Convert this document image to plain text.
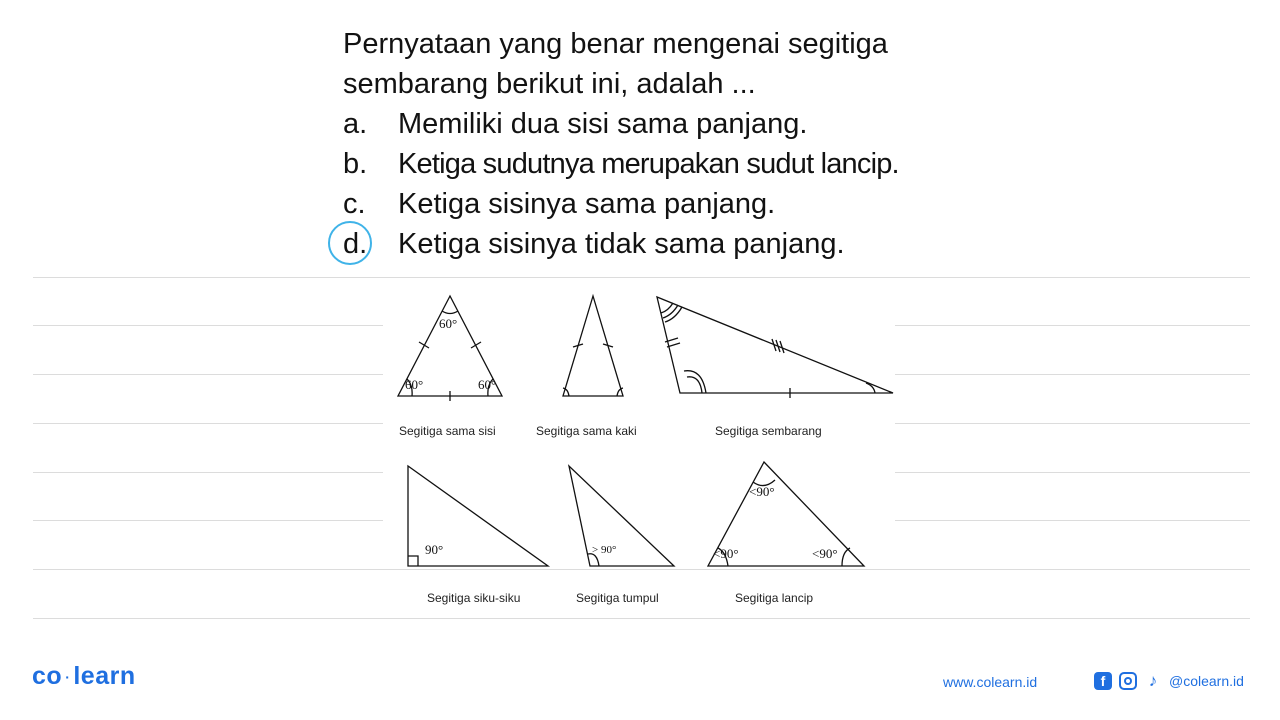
Pernyataan yang benar mengenai segitiga
sembarang berikut ini, adalah ...
a. Memiliki dua sisi sama panjang.
b. Ketiga sudutnya merupakan sudut lancip.
c. Ketiga sisinya sama panjang.
d. Ketiga sisinya tidak sama panjang.
60°
60°	60°
90°	> 90°
<90°
<90°	<90°
Segitiga sama sisi	Segitiga sama kaki	Segitiga sembarang
Segitiga siku-siku	Segitiga tumpul	Segitiga lancip
co · learn	www.colearn.id	f	♪ @colearn.id
